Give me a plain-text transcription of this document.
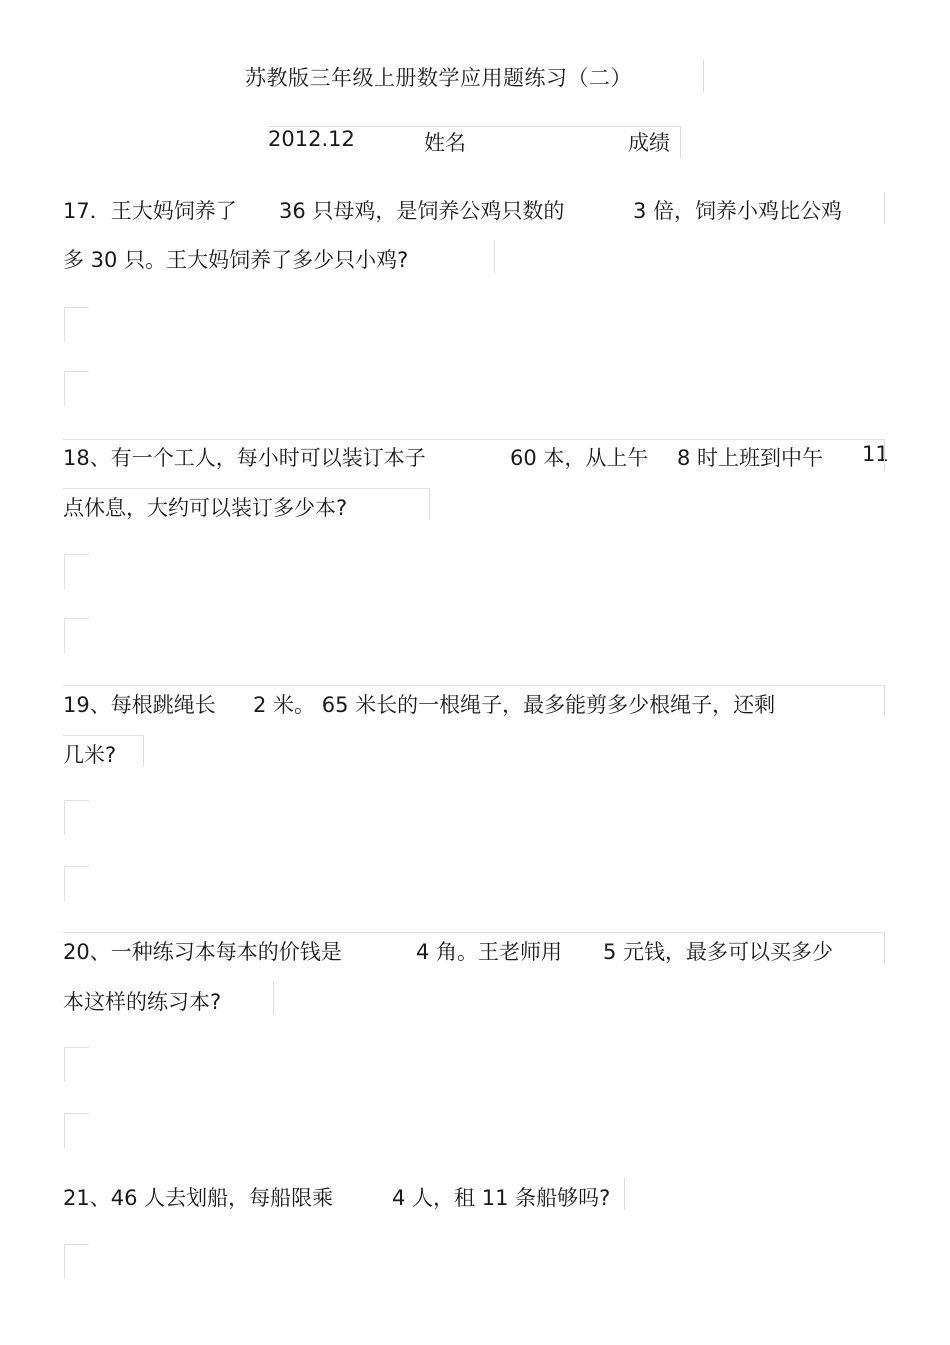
苏教版三年级上册数学应用题练习（二）
2012.12	姓名	成绩
17．王大妈饲养了 36 只母鸡，是饲养公鸡只数的	3 倍，饲养小鸡比公鸡
多 30 只。王大妈饲养了多少只小鸡?
18、有一个工人，每小时可以装订本子	60 本，从上午 8 时上班到中午 11
点休息，大约可以装订多少本?
19、每根跳绳长 2 米。 65 米长的一根绳子，最多能剪多少根绳子，还剩
几米?
20、一种练习本每本的价钱是	4 角。王老师用 5 元钱，最多可以买多少
本这样的练习本?
21、46 人去划船，每船限乘	4 人，租 11 条船够吗?
